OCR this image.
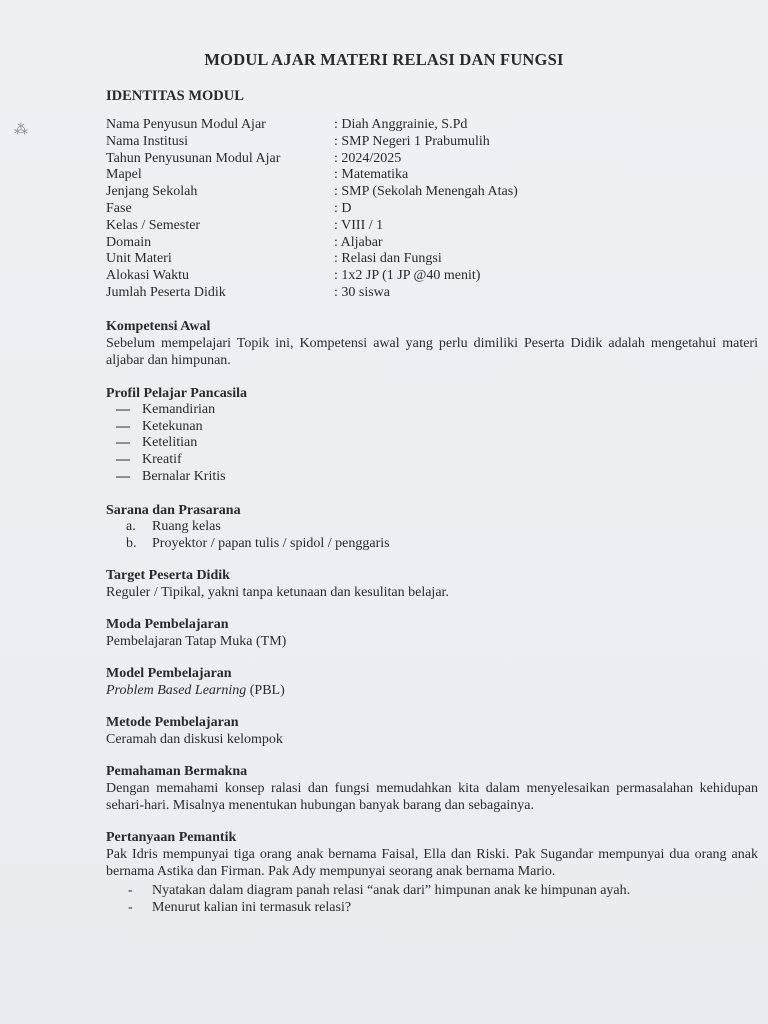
⁂
MODUL AJAR MATERI RELASI DAN FUNGSI
IDENTITAS MODUL
Nama Penyusun Modul Ajar	: Diah Anggrainie, S.Pd
Nama Institusi	: SMP Negeri 1 Prabumulih
Tahun Penyusunan Modul Ajar	: 2024/2025
Mapel	: Matematika
Jenjang Sekolah	: SMP (Sekolah Menengah Atas)
Fase	: D
Kelas / Semester	: VIII / 1
Domain	: Aljabar
Unit Materi	: Relasi dan Fungsi
Alokasi Waktu	: 1x2 JP (1 JP @40 menit)
Jumlah Peserta Didik	: 30 siswa
Kompetensi Awal
Sebelum mempelajari Topik ini, Kompetensi awal yang perlu dimiliki Peserta Didik adalah mengetahui materi aljabar dan himpunan.
Profil Pelajar Pancasila
— Kemandirian
— Ketekunan
— Ketelitian
— Kreatif
— Bernalar Kritis
Sarana dan Prasarana
a. Ruang kelas
b. Proyektor / papan tulis / spidol / penggaris
Target Peserta Didik
Reguler / Tipikal, yakni tanpa ketunaan dan kesulitan belajar.
Moda Pembelajaran
Pembelajaran Tatap Muka (TM)
Model Pembelajaran
Problem Based Learning (PBL)
Metode Pembelajaran
Ceramah dan diskusi kelompok
Pemahaman Bermakna
Dengan memahami konsep ralasi dan fungsi memudahkan kita dalam menyelesaikan permasalahan kehidupan sehari-hari. Misalnya menentukan hubungan banyak barang dan sebagainya.
Pertanyaan Pemantik
Pak Idris mempunyai tiga orang anak bernama Faisal, Ella dan Riski. Pak Sugandar mempunyai dua orang anak bernama Astika dan Firman. Pak Ady mempunyai seorang anak bernama Mario.
- Nyatakan dalam diagram panah relasi “anak dari” himpunan anak ke himpunan ayah.
- Menurut kalian ini termasuk relasi?
